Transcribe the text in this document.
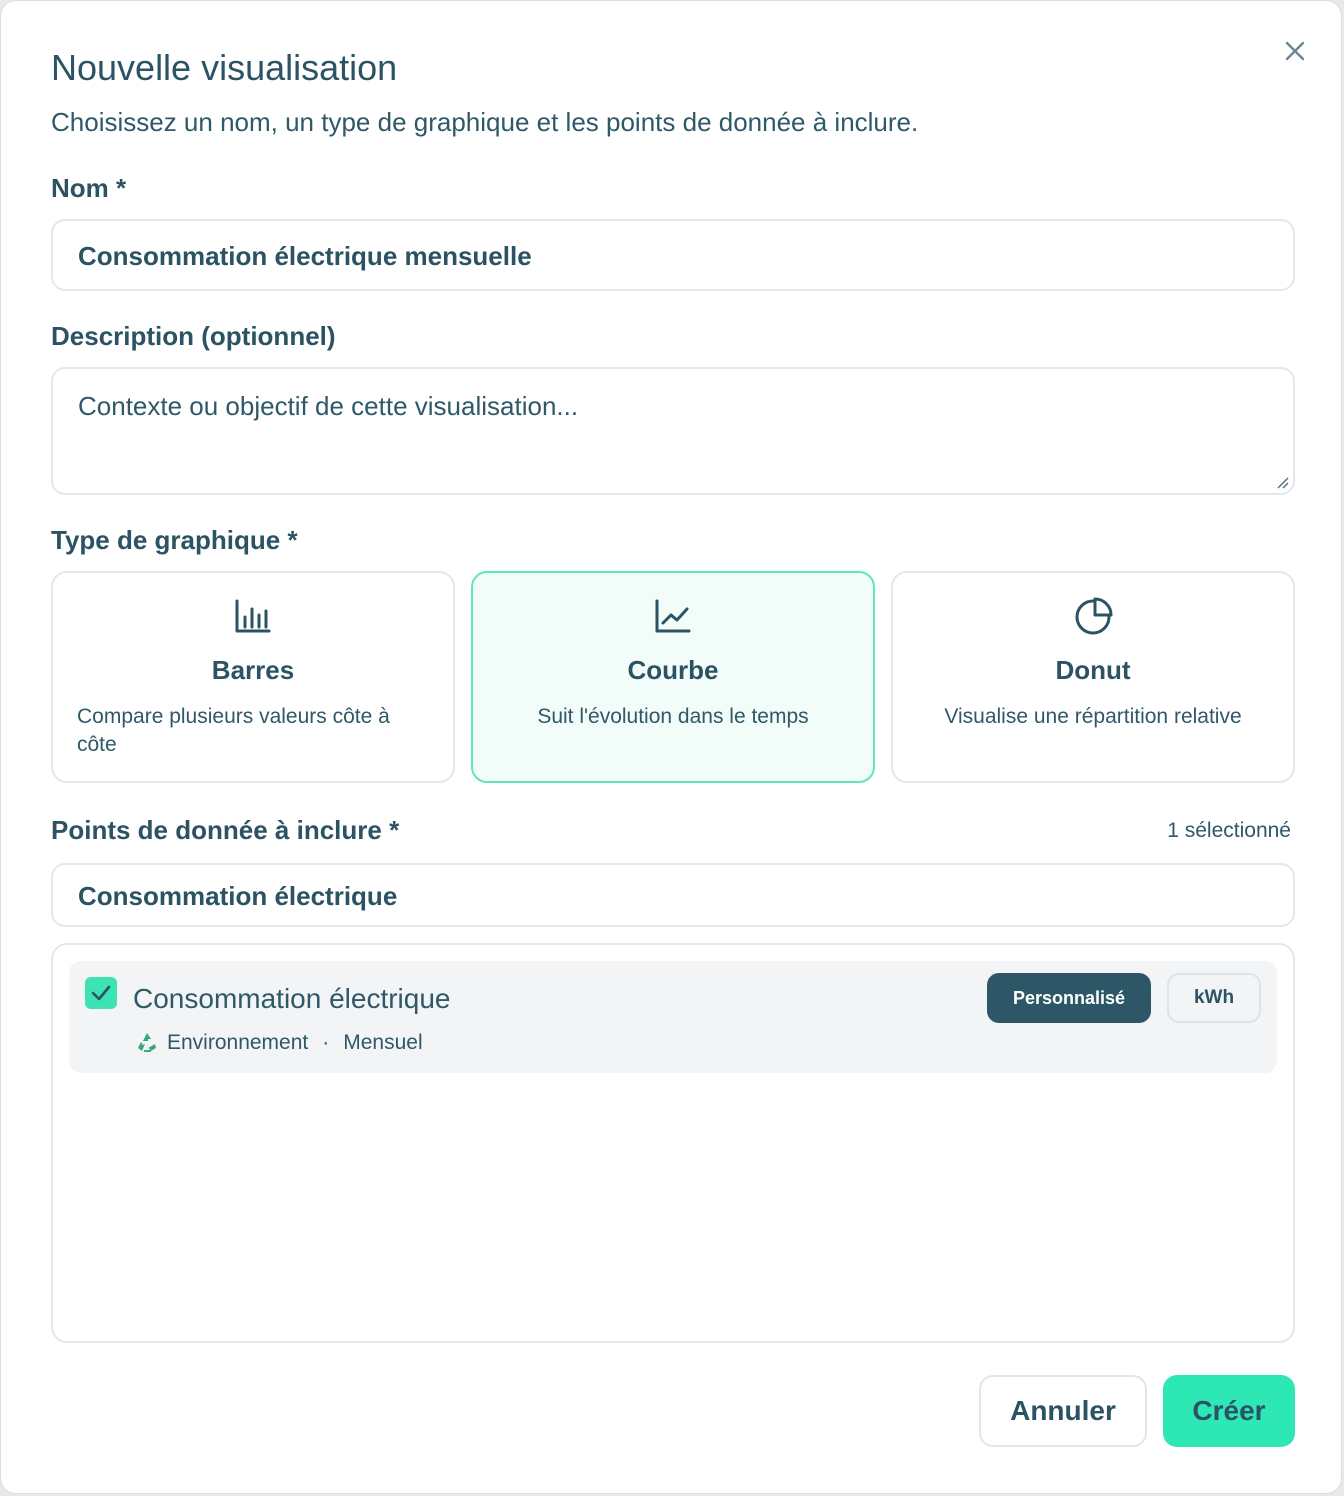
Nouvelle visualisation
Choisissez un nom, un type de graphique et les points de donnée à inclure.
Nom *
Consommation électrique mensuelle
Description (optionnel)
Contexte ou objectif de cette visualisation...
Type de graphique *
Barres
Compare plusieurs valeurs côte à côte
Courbe
Suit l'évolution dans le temps
Donut
Visualise une répartition relative
Points de donnée à inclure *	1 sélectionné
Consommation électrique
Consommation électrique
Environnement · Mensuel
Personnalisé	kWh
Annuler	Créer
